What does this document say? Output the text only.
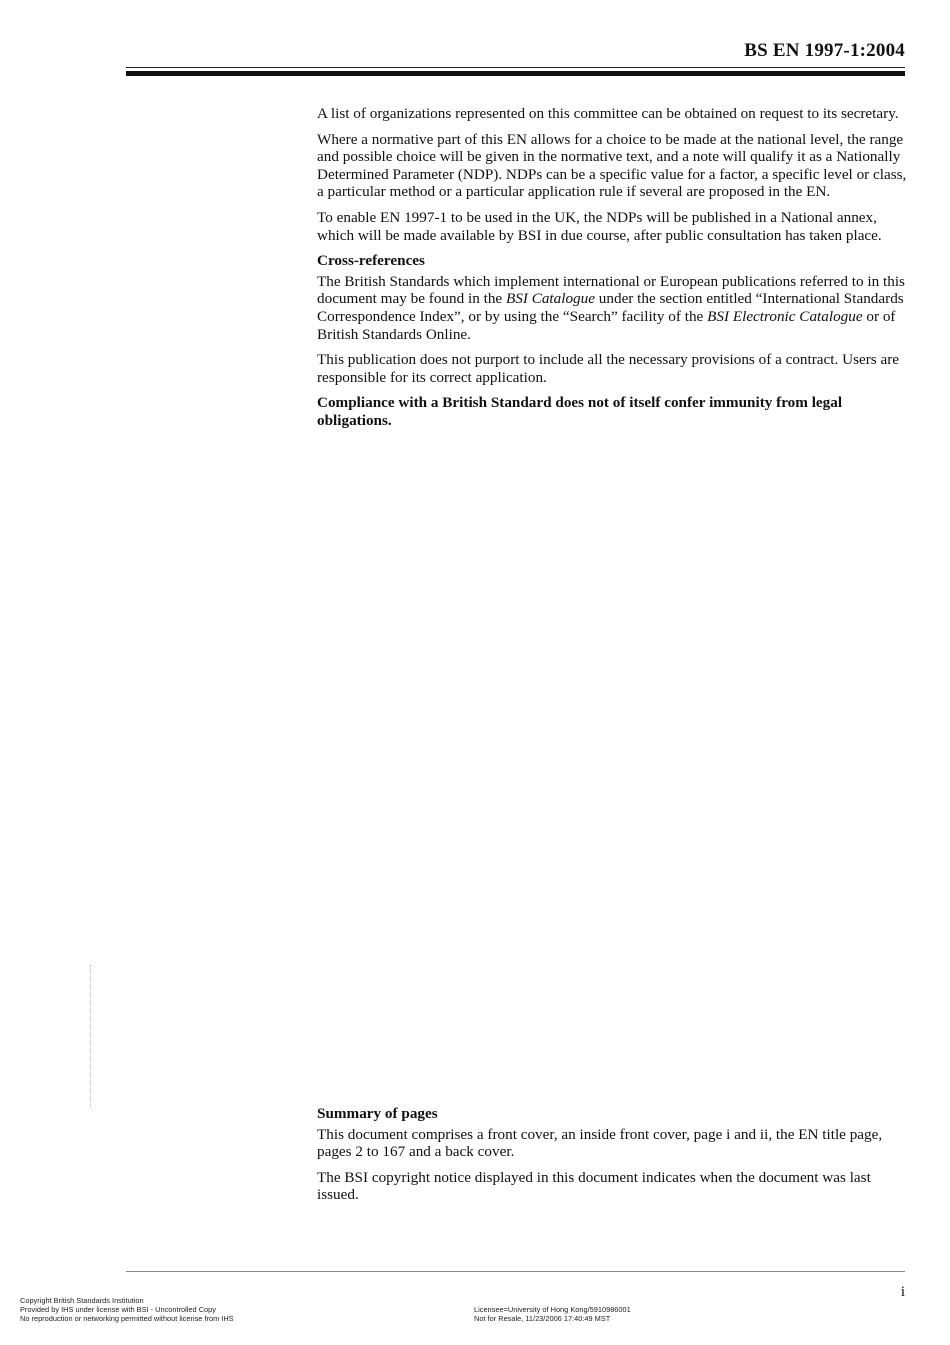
BS EN 1997-1:2004

A list of organizations represented on this committee can be obtained on request to its secretary.

Where a normative part of this EN allows for a choice to be made at the national level, the range and possible choice will be given in the normative text, and a note will qualify it as a Nationally Determined Parameter (NDP). NDPs can be a specific value for a factor, a specific level or class, a particular method or a particular application rule if several are proposed in the EN.

To enable EN 1997-1 to be used in the UK, the NDPs will be published in a National annex, which will be made available by BSI in due course, after public consultation has taken place.

Cross-references

The British Standards which implement international or European publications referred to in this document may be found in the BSI Catalogue under the section entitled “International Standards Correspondence Index”, or by using the “Search” facility of the BSI Electronic Catalogue or of British Standards Online.

This publication does not purport to include all the necessary provisions of a contract. Users are responsible for its correct application.

Compliance with a British Standard does not of itself confer immunity from legal obligations.

Summary of pages

This document comprises a front cover, an inside front cover, page i and ii, the EN title page, pages 2 to 167 and a back cover.

The BSI copyright notice displayed in this document indicates when the document was last issued.

i
Copyright British Standards Institution
Provided by IHS under license with BSI - Uncontrolled Copy
No reproduction or networking permitted without license from IHS
Licensee=University of Hong Kong/5910986001
Not for Resale, 11/23/2006 17:40:49 MST
